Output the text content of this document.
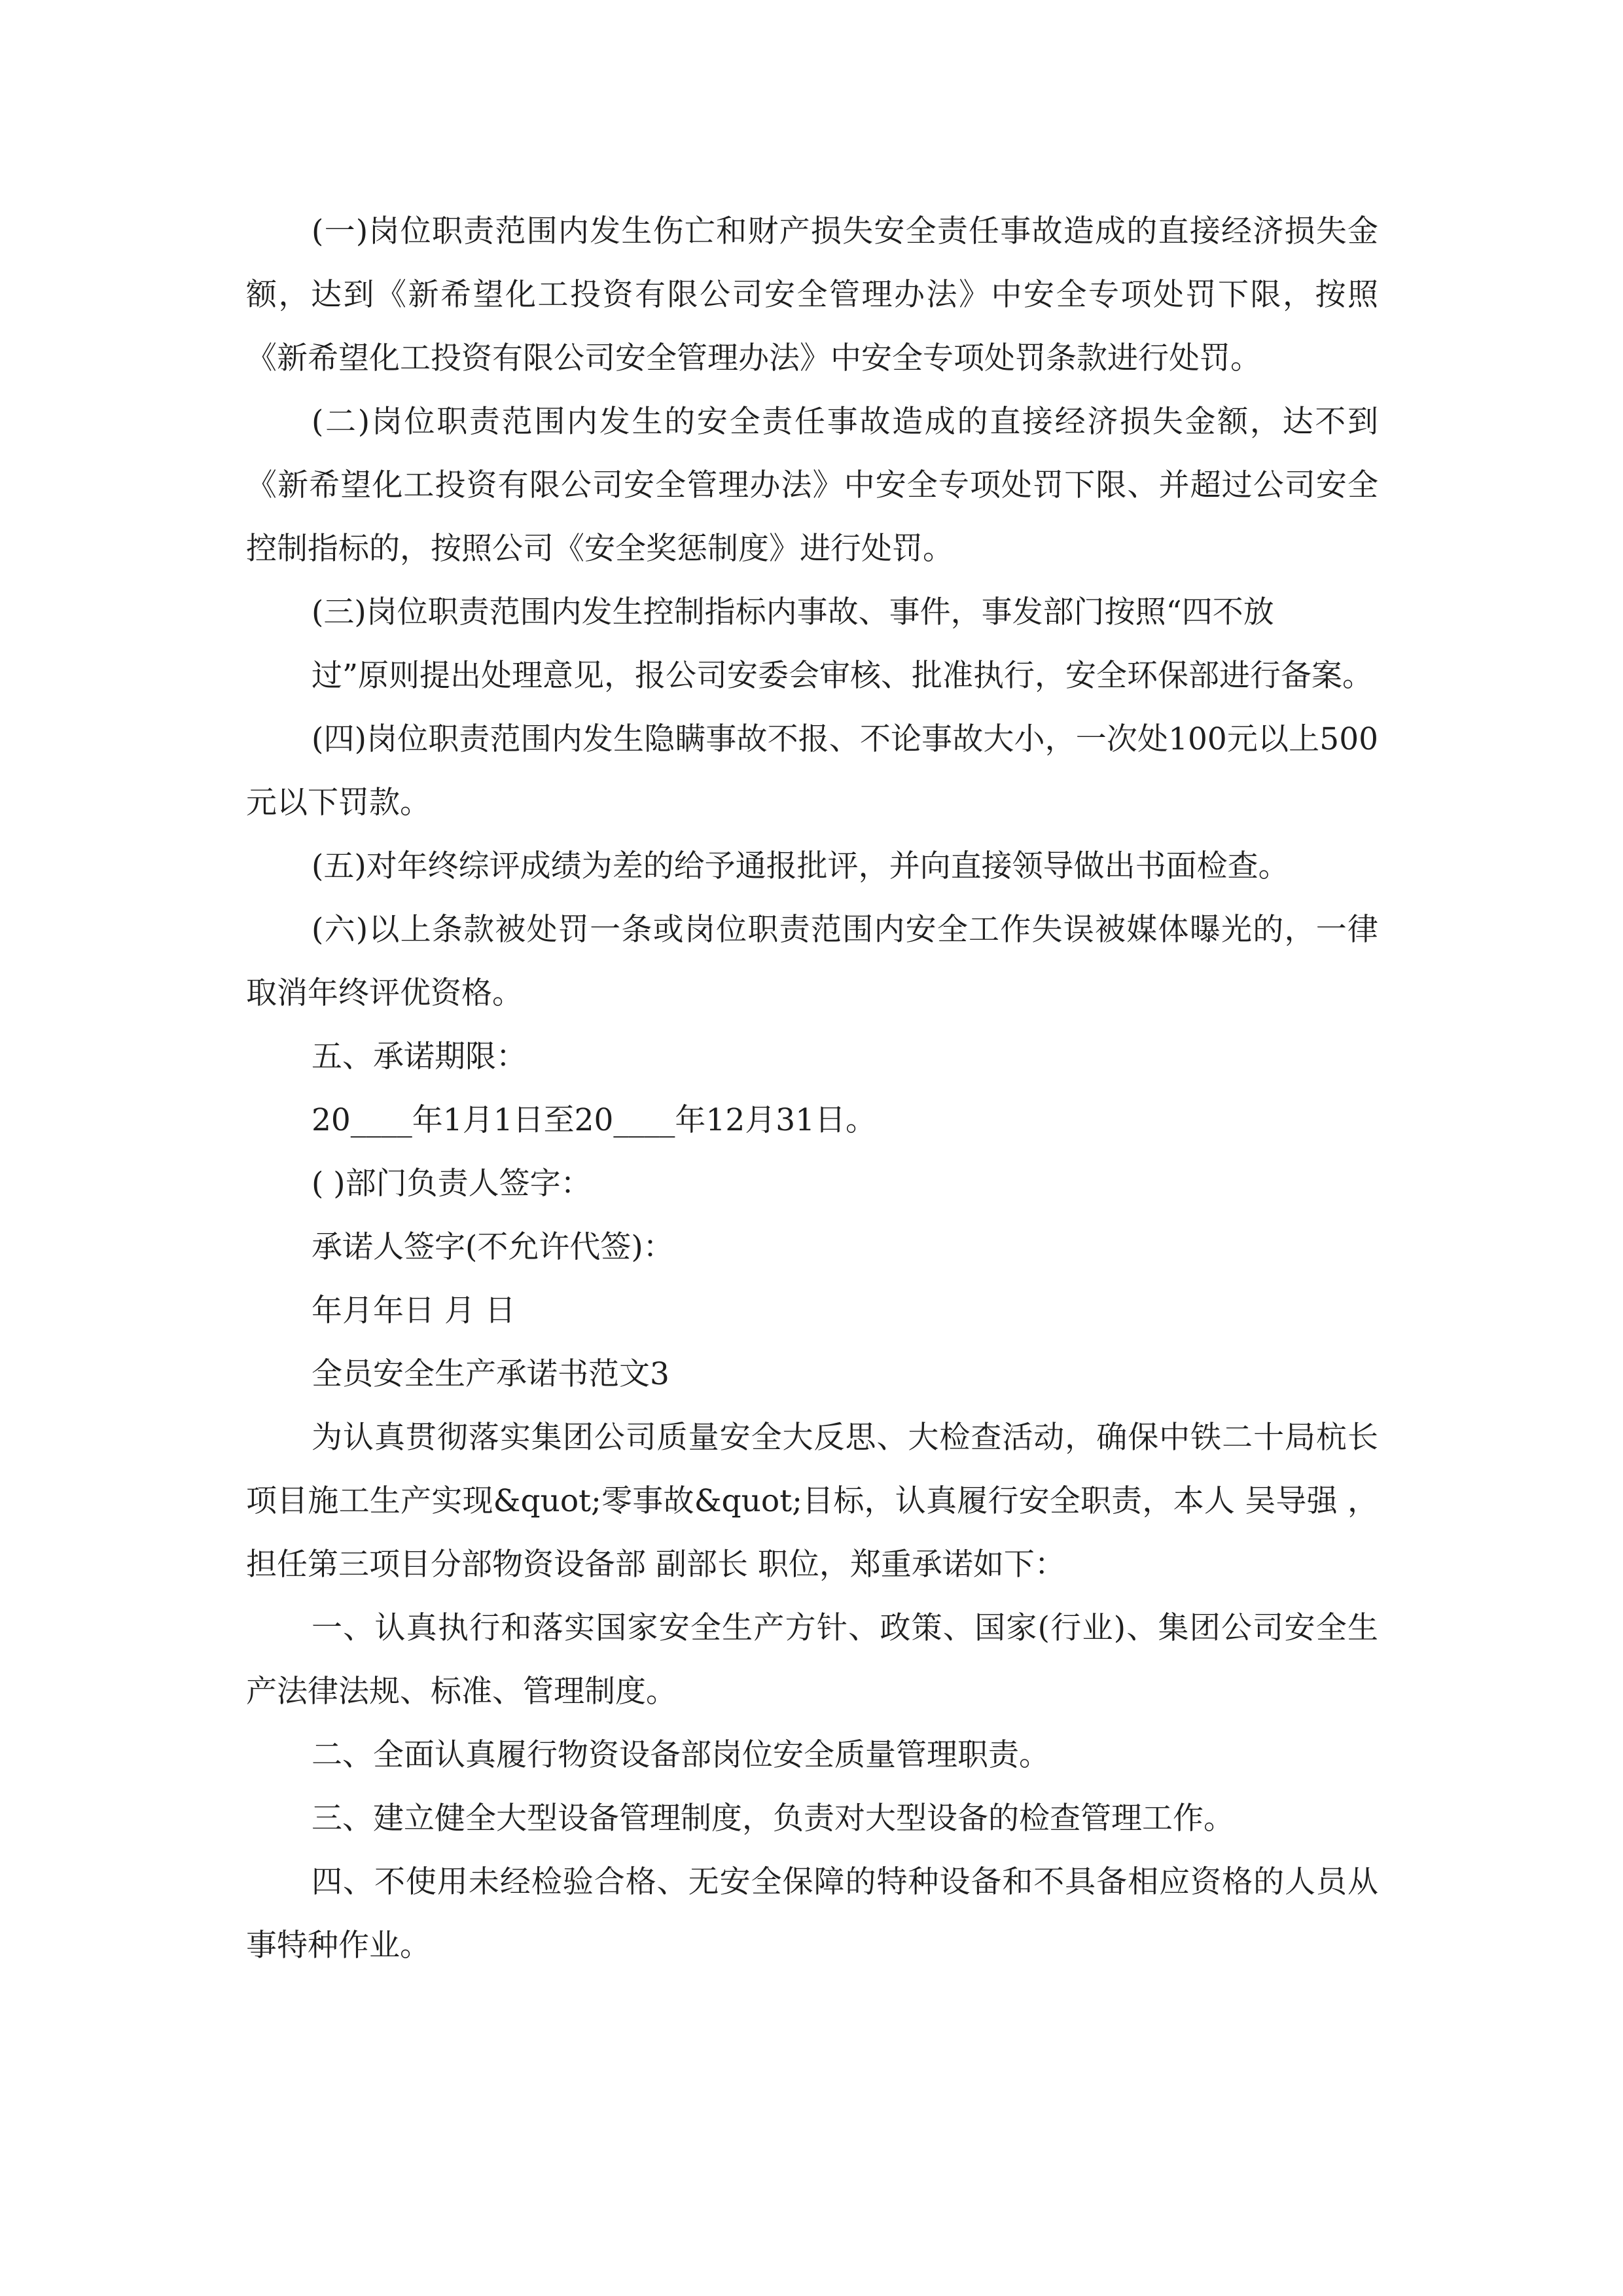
(一)岗位职责范围内发生伤亡和财产损失安全责任事故造成的直接经济损失金额，达到《新希望化工投资有限公司安全管理办法》中安全专项处罚下限，按照《新希望化工投资有限公司安全管理办法》中安全专项处罚条款进行处罚。

(二)岗位职责范围内发生的安全责任事故造成的直接经济损失金额，达不到《新希望化工投资有限公司安全管理办法》中安全专项处罚下限、并超过公司安全控制指标的，按照公司《安全奖惩制度》进行处罚。

(三)岗位职责范围内发生控制指标内事故、事件，事发部门按照“四不放

过”原则提出处理意见，报公司安委会审核、批准执行，安全环保部进行备案。

(四)岗位职责范围内发生隐瞒事故不报、不论事故大小，一次处100元以上500 元以下罚款。

(五)对年终综评成绩为差的给予通报批评，并向直接领导做出书面检查。

(六)以上条款被处罚一条或岗位职责范围内安全工作失误被媒体曝光的，一律取消年终评优资格。

五、承诺期限：

20____年1月1日至20____年12月31日。

( )部门负责人签字：

承诺人签字(不允许代签)：

年月年日 月 日

全员安全生产承诺书范文3

为认真贯彻落实集团公司质量安全大反思、大检查活动，确保中铁二十局杭长项目施工生产实现&quot;零事故&quot;目标，认真履行安全职责，本人 吴导强 ，担任第三项目分部物资设备部 副部长 职位，郑重承诺如下：

一、认真执行和落实国家安全生产方针、政策、国家(行业)、集团公司安全生产法律法规、标准、管理制度。

二、全面认真履行物资设备部岗位安全质量管理职责。

三、建立健全大型设备管理制度，负责对大型设备的检查管理工作。

四、不使用未经检验合格、无安全保障的特种设备和不具备相应资格的人员从事特种作业。
